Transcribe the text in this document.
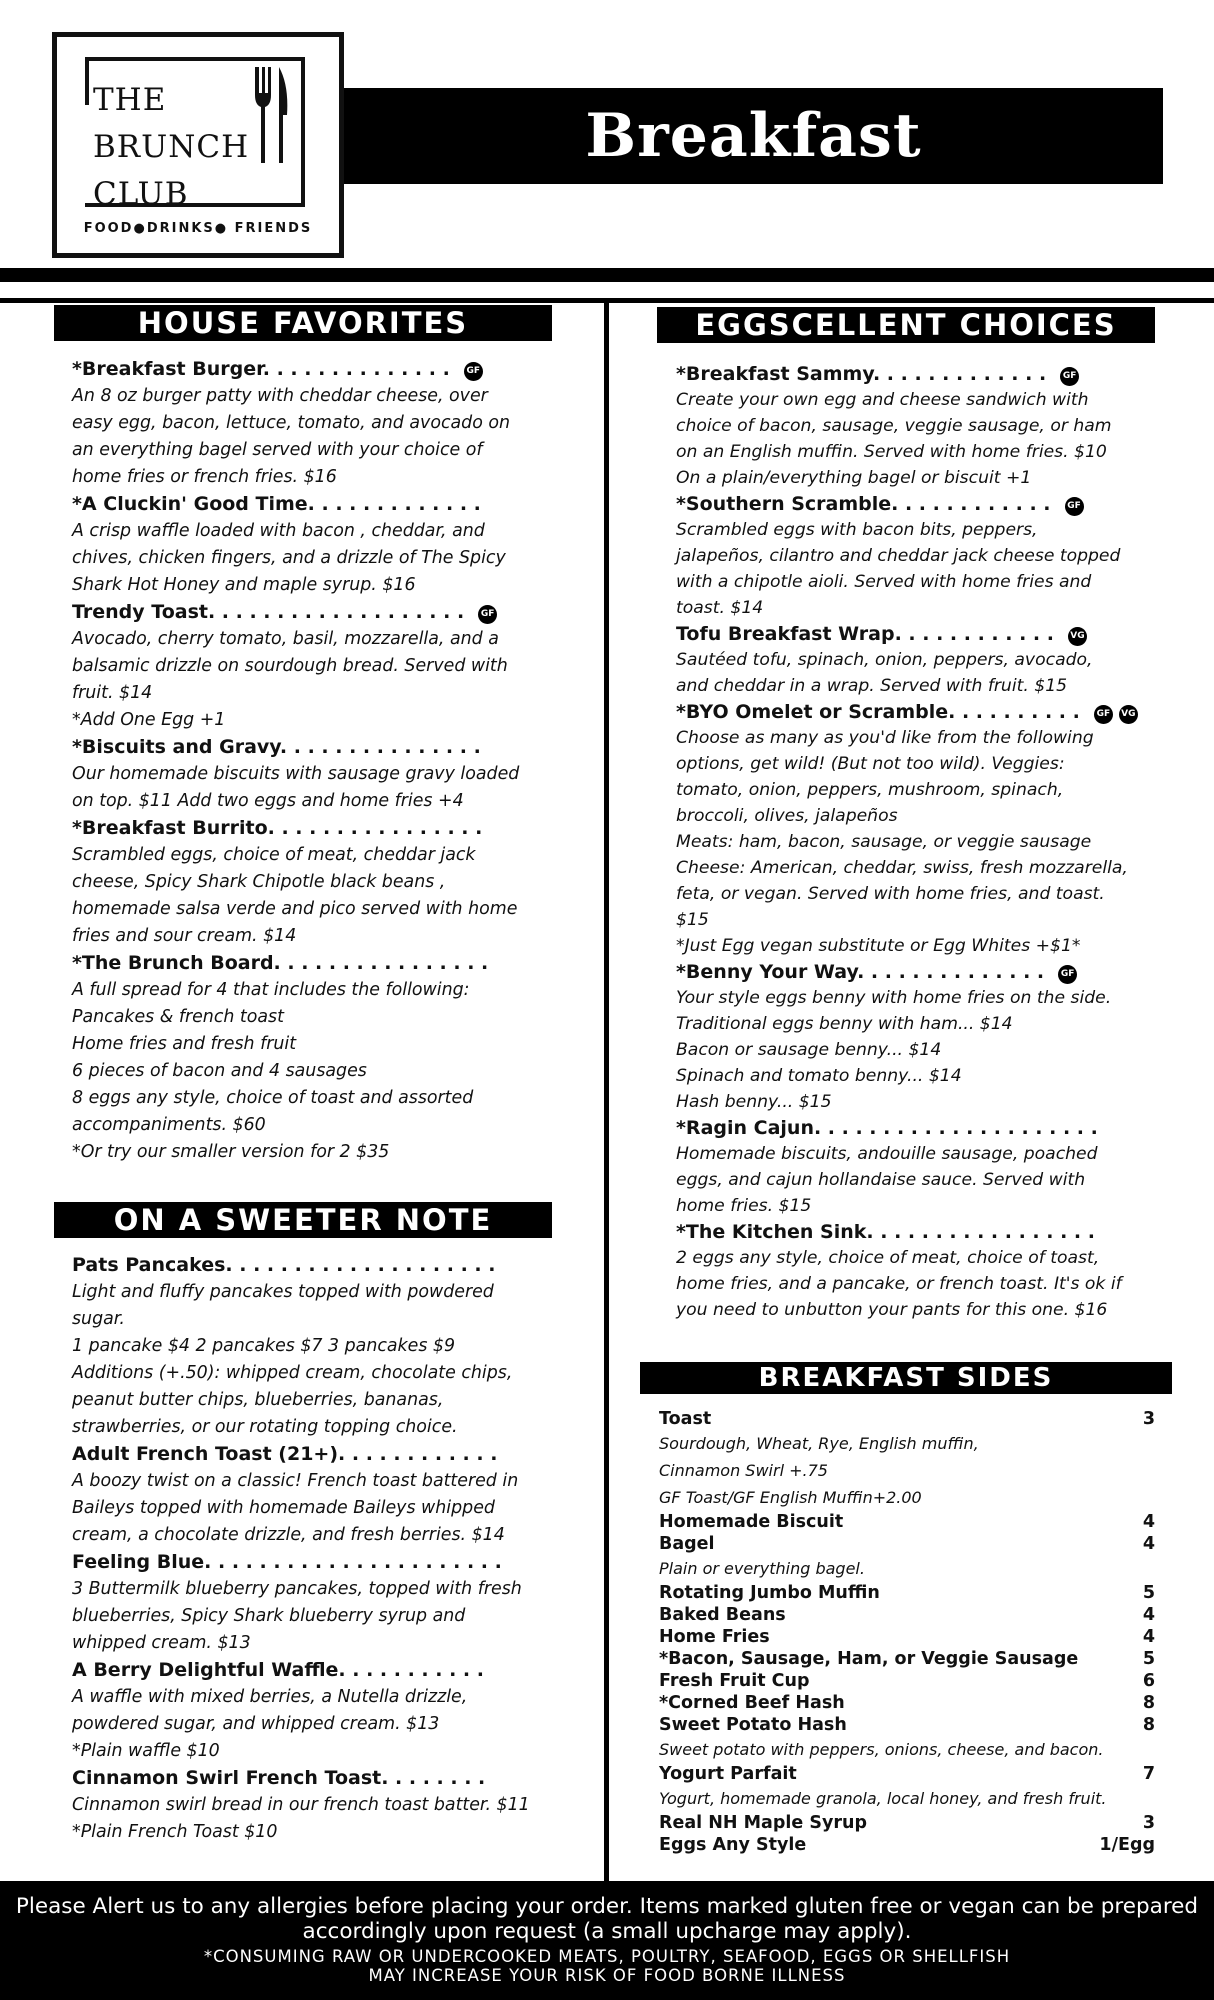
THE
BRUNCH
CLUB
FOOD●DRINKS● FRIENDS
Breakfast
HOUSE FAVORITES
*Breakfast Burger. . . . . . . . . . . . . . GF
An 8 oz burger patty with cheddar cheese, over
easy egg, bacon, lettuce, tomato, and avocado on
an everything bagel served with your choice of
home fries or french fries. $16
*A Cluckin' Good Time. . . . . . . . . . . . .
A crisp waffle loaded with bacon , cheddar, and
chives, chicken fingers, and a drizzle of The Spicy
Shark Hot Honey and maple syrup. $16
Trendy Toast. . . . . . . . . . . . . . . . . . . GF
Avocado, cherry tomato, basil, mozzarella, and a
balsamic drizzle on sourdough bread. Served with
fruit. $14
*Add One Egg +1
*Biscuits and Gravy. . . . . . . . . . . . . . .
Our homemade biscuits with sausage gravy loaded
on top. $11 Add two eggs and home fries +4
*Breakfast Burrito. . . . . . . . . . . . . . . .
Scrambled eggs, choice of meat, cheddar jack
cheese, Spicy Shark Chipotle black beans ,
homemade salsa verde and pico served with home
fries and sour cream. $14
*The Brunch Board. . . . . . . . . . . . . . . .
A full spread for 4 that includes the following:
Pancakes & french toast
Home fries and fresh fruit
6 pieces of bacon and 4 sausages
8 eggs any style, choice of toast and assorted
accompaniments. $60
*Or try our smaller version for 2 $35
ON A SWEETER NOTE
Pats Pancakes. . . . . . . . . . . . . . . . . . . .
Light and fluffy pancakes topped with powdered
sugar.
1 pancake $4 2 pancakes $7 3 pancakes $9
Additions (+.50): whipped cream, chocolate chips,
peanut butter chips, blueberries, bananas,
strawberries, or our rotating topping choice.
Adult French Toast (21+). . . . . . . . . . . .
A boozy twist on a classic! French toast battered in
Baileys topped with homemade Baileys whipped
cream, a chocolate drizzle, and fresh berries. $14
Feeling Blue. . . . . . . . . . . . . . . . . . . . . .
3 Buttermilk blueberry pancakes, topped with fresh
blueberries, Spicy Shark blueberry syrup and
whipped cream. $13
A Berry Delightful Waffle. . . . . . . . . . .
A waffle with mixed berries, a Nutella drizzle,
powdered sugar, and whipped cream. $13
*Plain waffle $10
Cinnamon Swirl French Toast. . . . . . . .
Cinnamon swirl bread in our french toast batter. $11
*Plain French Toast $10
EGGSCELLENT CHOICES
*Breakfast Sammy. . . . . . . . . . . . . GF
Create your own egg and cheese sandwich with
choice of bacon, sausage, veggie sausage, or ham
on an English muffin. Served with home fries. $10
On a plain/everything bagel or biscuit +1
*Southern Scramble. . . . . . . . . . . . GF
Scrambled eggs with bacon bits, peppers,
jalapeños, cilantro and cheddar jack cheese topped
with a chipotle aioli. Served with home fries and
toast. $14
Tofu Breakfast Wrap. . . . . . . . . . . . VG
Sautéed tofu, spinach, onion, peppers, avocado,
and cheddar in a wrap. Served with fruit. $15
*BYO Omelet or Scramble. . . . . . . . . . GF VG
Choose as many as you'd like from the following
options, get wild! (But not too wild). Veggies:
tomato, onion, peppers, mushroom, spinach,
broccoli, olives, jalapeños
Meats: ham, bacon, sausage, or veggie sausage
Cheese: American, cheddar, swiss, fresh mozzarella,
feta, or vegan. Served with home fries, and toast.
$15
*Just Egg vegan substitute or Egg Whites +$1*
*Benny Your Way. . . . . . . . . . . . . . GF
Your style eggs benny with home fries on the side.
Traditional eggs benny with ham... $14
Bacon or sausage benny... $14
Spinach and tomato benny... $14
Hash benny... $15
*Ragin Cajun. . . . . . . . . . . . . . . . . . . . .
Homemade biscuits, andouille sausage, poached
eggs, and cajun hollandaise sauce. Served with
home fries. $15
*The Kitchen Sink. . . . . . . . . . . . . . . . .
2 eggs any style, choice of meat, choice of toast,
home fries, and a pancake, or french toast. It's ok if
you need to unbutton your pants for this one. $16
BREAKFAST SIDES
Toast	3
Sourdough, Wheat, Rye, English muffin,
Cinnamon Swirl +.75
GF Toast/GF English Muffin+2.00
Homemade Biscuit	4
Bagel	4
Plain or everything bagel.
Rotating Jumbo Muffin	5
Baked Beans	4
Home Fries	4
*Bacon, Sausage, Ham, or Veggie Sausage	5
Fresh Fruit Cup	6
*Corned Beef Hash	8
Sweet Potato Hash	8
Sweet potato with peppers, onions, cheese, and bacon.
Yogurt Parfait	7
Yogurt, homemade granola, local honey, and fresh fruit.
Real NH Maple Syrup	3
Eggs Any Style	1/Egg
Please Alert us to any allergies before placing your order. Items marked gluten free or vegan can be prepared
accordingly upon request (a small upcharge may apply).
*CONSUMING RAW OR UNDERCOOKED MEATS, POULTRY, SEAFOOD, EGGS OR SHELLFISH
MAY INCREASE YOUR RISK OF FOOD BORNE ILLNESS
